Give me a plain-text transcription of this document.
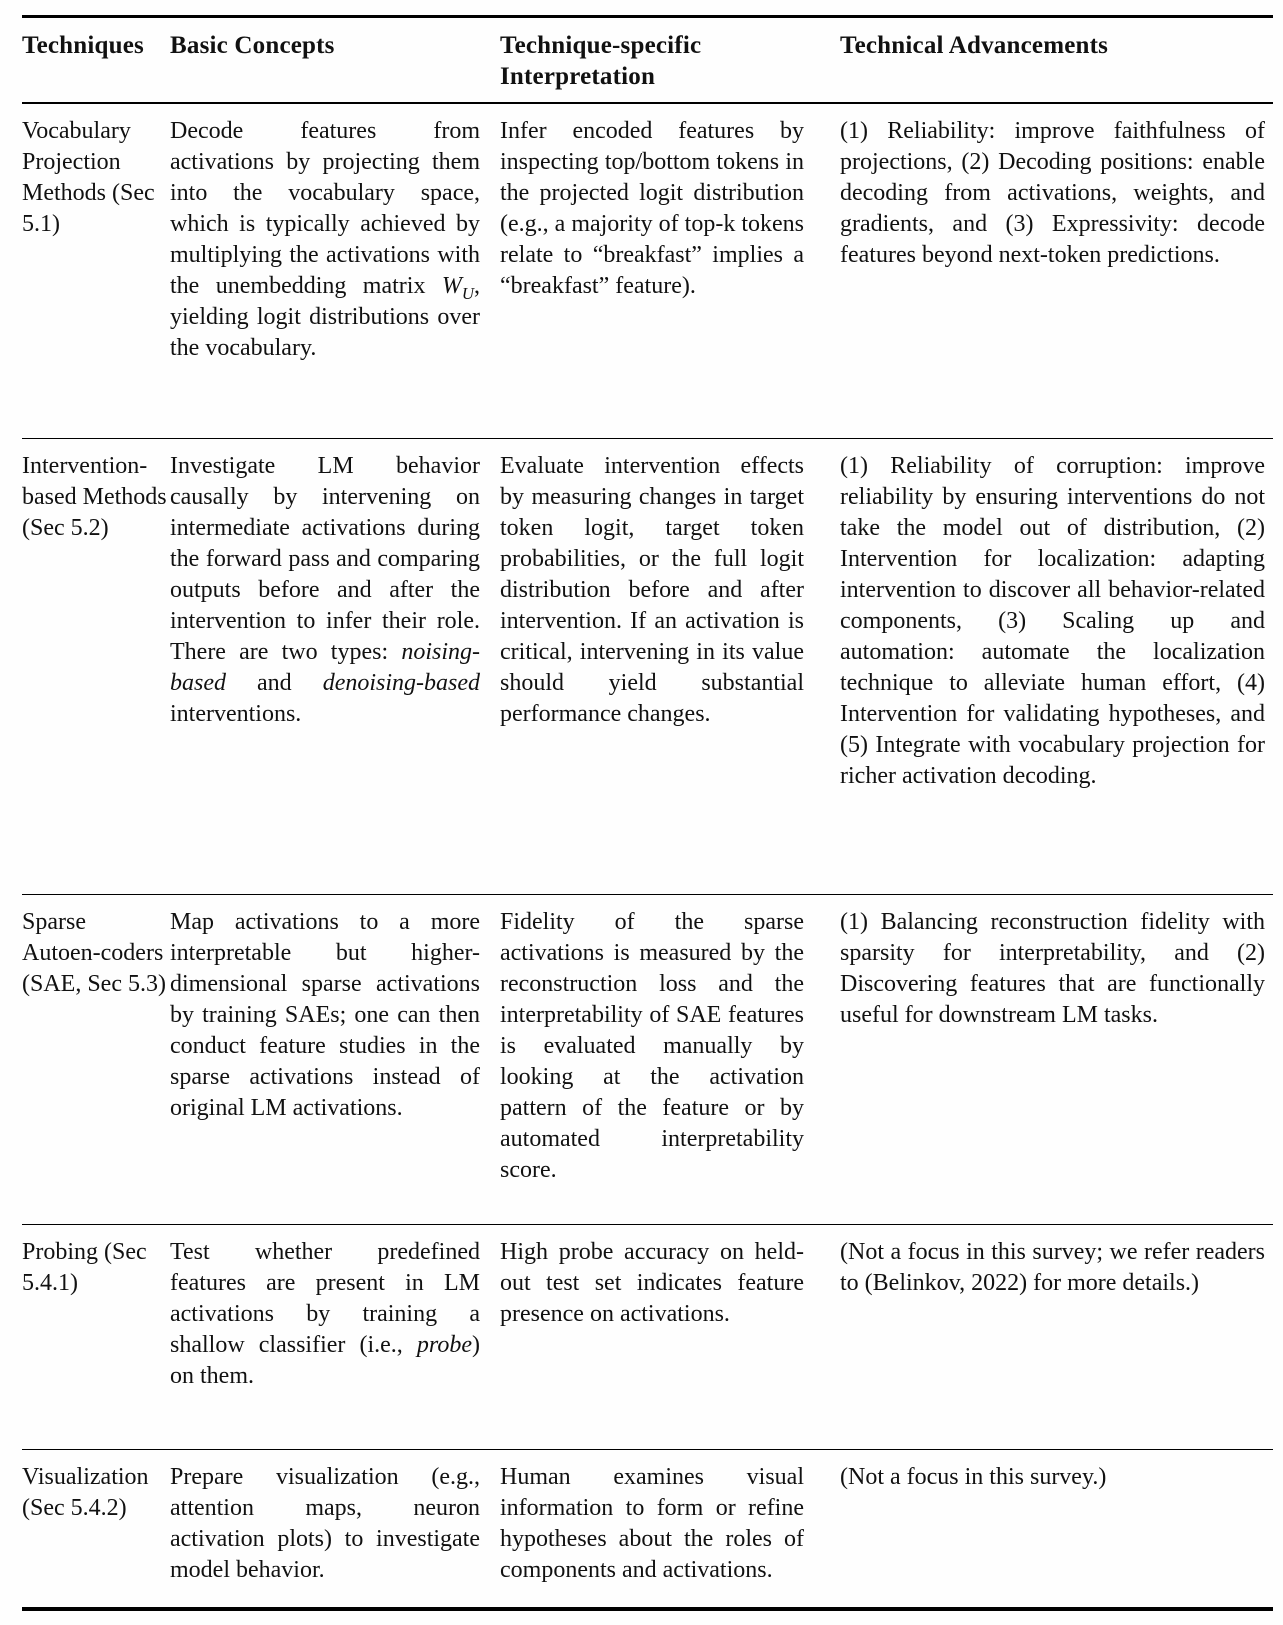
Techniques	Basic Concepts	Technique-specific Interpretation	Technical Advancements
Vocabulary Projection Methods (Sec 5.1)	Decode features from activations by projecting them into the vocabulary space, which is typically achieved by multiplying the activations with the unembedding matrix $W_U$, yielding logit distributions over the vocabulary.	Infer encoded features by inspecting top/bottom tokens in the projected logit distribution (e.g., a majority of top-k tokens relate to “breakfast” implies a “breakfast” feature).	(1) Reliability: improve faithfulness of projections, (2) Decoding positions: enable decoding from activations, weights, and gradients, and (3) Expressivity: decode features beyond next-token predictions.
Intervention-based Methods (Sec 5.2)	Investigate LM behavior causally by intervening on intermediate activations during the forward pass and comparing outputs before and after the intervention to infer their role. There are two types: noising-based and denoising-based interventions.	Evaluate intervention effects by measuring changes in target token logit, target token probabilities, or the full logit distribution before and after intervention. If an activation is critical, intervening in its value should yield substantial performance changes.	(1) Reliability of corruption: improve reliability by ensuring interventions do not take the model out of distribution, (2) Intervention for localization: adapting intervention to discover all behavior-related components, (3) Scaling up and automation: automate the localization technique to alleviate human effort, (4) Intervention for validating hypotheses, and (5) Integrate with vocabulary projection for richer activation decoding.
Sparse Autoen-coders (SAE, Sec 5.3)	Map activations to a more interpretable but higher-dimensional sparse activations by training SAEs; one can then conduct feature studies in the sparse activations instead of original LM activations.	Fidelity of the sparse activations is measured by the reconstruction loss and the interpretability of SAE features is evaluated manually by looking at the activation pattern of the feature or by automated interpretability score.	(1) Balancing reconstruction fidelity with sparsity for interpretability, and (2) Discovering features that are functionally useful for downstream LM tasks.
Probing (Sec 5.4.1)	Test whether predefined features are present in LM activations by training a shallow classifier (i.e., probe) on them.	High probe accuracy on held-out test set indicates feature presence on activations.	(Not a focus in this survey; we refer readers to (Belinkov, 2022) for more details.)
Visualization (Sec 5.4.2)	Prepare visualization (e.g., attention maps, neuron activation plots) to investigate model behavior.	Human examines visual information to form or refine hypotheses about the roles of components and activations.	(Not a focus in this survey.)
